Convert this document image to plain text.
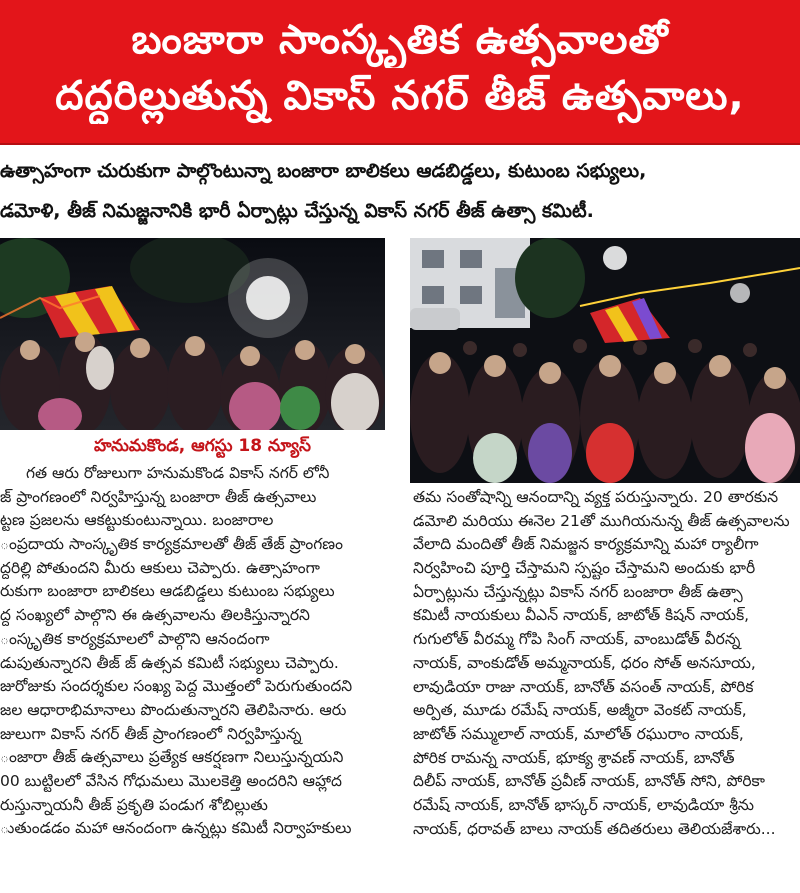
బంజారా సాంస్కృతిక ఉత్సవాలతో
దద్దరిల్లుతున్న వికాస్ నగర్ తీజ్ ఉత్సవాలు,
ఉత్సాహంగా చురుకుగా పాల్గొంటున్నా బంజారా బాలికలు ఆడబిడ్డలు, కుటుంబ సభ్యులు,
డమోళి, తీజ్ నిమజ్జనానికి భారీ ఏర్పాట్లు చేస్తున్న వికాస్ నగర్ తీజ్ ఉత్సా కమిటీ.
హనుమకొండ, ఆగస్టు 18 న్యూస్
గత ఆరు రోజులుగా హనుమకొండ వికాస్ నగర్ లోనీ
జ్ ప్రాంగణంలో నిర్వహిస్తున్న బంజారా తీజ్ ఉత్సవాలు
ట్టణ ప్రజలను ఆకట్టుకుంటున్నాయి. బంజారాల
ంప్రదాయ సాంస్కృతిక కార్యక్రమాలతో తీజ్ తేజ్ ప్రాంగణం
ద్దరిల్లి పోతుందని మీరు ఆకులు చెప్పారు. ఉత్సాహంగా
రుకుగా బంజారా బాలికలు ఆడబిడ్డలు కుటుంబ సభ్యులు
ద్ద సంఖ్యలో పాల్గొని ఈ ఉత్సవాలను తిలకిస్తున్నారని
ంస్కృతిక కార్యక్రమాలలో పాల్గొని ఆనందంగా
డుపుతున్నారని తీజ్ జ్ ఉత్సవ కమిటీ సభ్యులు చెప్పారు.
జురోజుకు సందర్శకుల సంఖ్య పెద్ద మొత్తంలో పెరుగుతుందని
జల ఆధారాభిమానాలు పొందుతున్నారని తెలిపినారు. ఆరు
జులుగా వికాస్ నగర్ తీజ్ ప్రాంగణంలో నిర్వహిస్తున్న
ంజారా తీజ్ ఉత్సవాలు ప్రత్యేక ఆకర్షణగా నిలుస్తున్నయని
00 బుట్టిలలో వేసిన గోధుమలు మొలకెత్తి అందరిని ఆహ్లాద
రుస్తున్నాయనీ తీజ్ ప్రకృతి పండుగ శోబిల్లుతు
ుతుండడం మహా ఆనందంగా ఉన్నట్లు కమిటీ నిర్వాహకులు
తమ సంతోషాన్ని ఆనందాన్ని వ్యక్త పరుస్తున్నారు. 20 తారకున
డమోలి మరియు ఈనెల 21తో ముగియనున్న తీజ్ ఉత్సవాలను
వేలాది మందితో తీజ్ నిమజ్జన కార్యక్రమాన్ని మహా ర్యాలీగా
నిర్వహించి పూర్తి చేస్తామని స్పష్టం చేస్తామని అందుకు భారీ
ఏర్పాట్లును చేస్తున్నట్లు వికాస్ నగర్ బంజారా తీజ్ ఉత్సా
కమిటీ నాయకులు వీఎన్ నాయక్, జాటోత్ కిషన్ నాయక్,
గుగులోత్ వీరమ్మ గోపి సింగ్ నాయక్, వాంబుడోత్ వీరన్న
నాయక్, వాంకుడోత్ అమ్మనాయక్, ధరం సోత్ అనసూయ,
లావుడియా రాజు నాయక్, బానోత్ వసంత్ నాయక్, పోరిక
అర్పిత, మూడు రమేష్ నాయక్, అజ్మీరా వెంకట్ నాయక్,
జాటోత్ సమ్ములాల్ నాయక్, మాలోత్ రఘురాం నాయక్,
పోరిక రామన్న నాయక్, భూక్య శ్రావణ్ నాయక్, బానోత్
దిలీప్ నాయక్, బానోత్ ప్రవీణ్ నాయక్, బానోత్ సోని, పోరికా
రమేష్ నాయక్, బానోత్ భాస్కర్ నాయక్, లావుడియా శ్రీను
నాయక్, ధరావత్ బాలు నాయక్ తదితరులు తెలియజేశారు...
